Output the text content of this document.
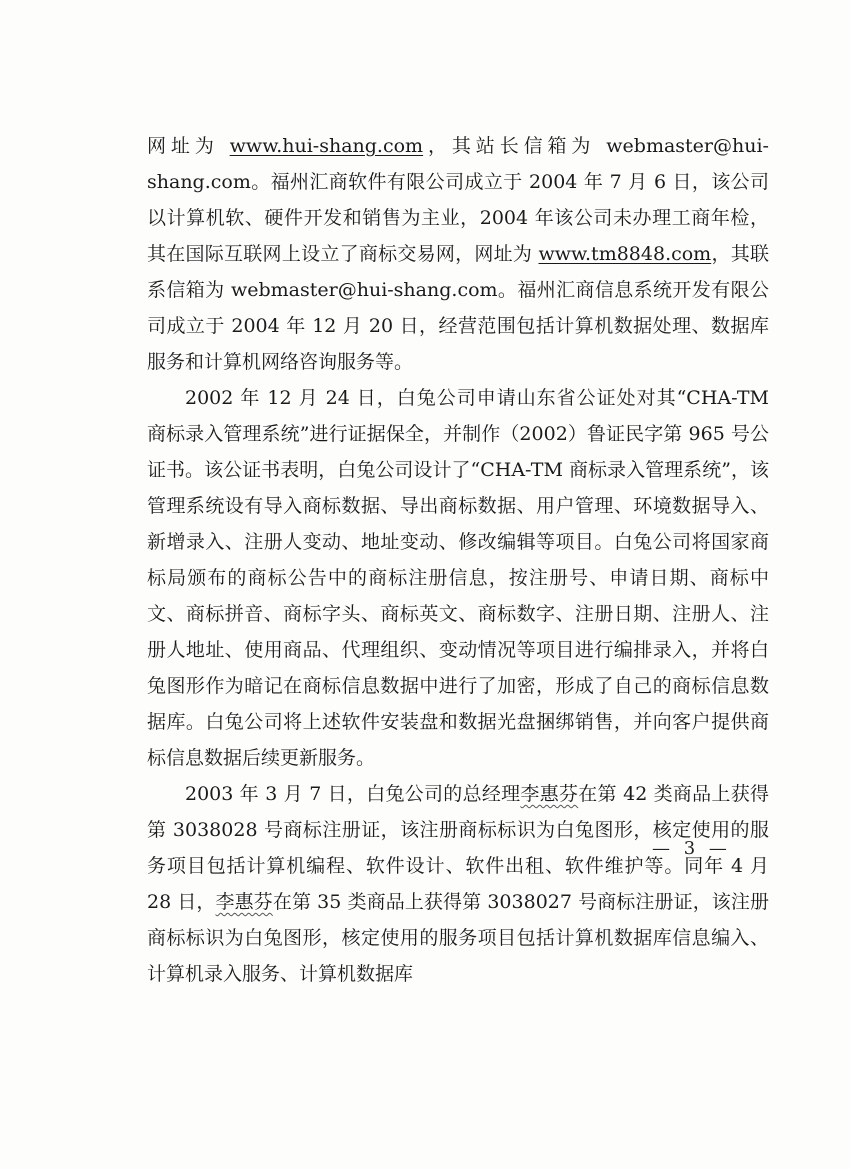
网址为 www.hui-shang.com，其站长信箱为 webmaster@hui-shang.com。福州汇商软件有限公司成立于 2004 年 7 月 6 日，该公司以计算机软、硬件开发和销售为主业，2004 年该公司未办理工商年检，其在国际互联网上设立了商标交易网，网址为 www.tm8848.com，其联系信箱为 webmaster@hui-shang.com。福州汇商信息系统开发有限公司成立于 2004 年 12 月 20 日，经营范围包括计算机数据处理、数据库服务和计算机网络咨询服务等。

2002 年 12 月 24 日，白兔公司申请山东省公证处对其“CHA-TM 商标录入管理系统”进行证据保全，并制作（2002）鲁证民字第 965 号公证书。该公证书表明，白兔公司设计了“CHA-TM 商标录入管理系统”，该管理系统设有导入商标数据、导出商标数据、用户管理、环境数据导入、新增录入、注册人变动、地址变动、修改编辑等项目。白兔公司将国家商标局颁布的商标公告中的商标注册信息，按注册号、申请日期、商标中文、商标拼音、商标字头、商标英文、商标数字、注册日期、注册人、注册人地址、使用商品、代理组织、变动情况等项目进行编排录入，并将白兔图形作为暗记在商标信息数据中进行了加密，形成了自己的商标信息数据库。白兔公司将上述软件安装盘和数据光盘捆绑销售，并向客户提供商标信息数据后续更新服务。

2003 年 3 月 7 日，白兔公司的总经理李惠芬在第 42 类商品上获得第 3038028 号商标注册证，该注册商标标识为白兔图形，核定使用的服务项目包括计算机编程、软件设计、软件出租、软件维护等。同年 4 月 28 日，李惠芬在第 35 类商品上获得第 3038027 号商标注册证，该注册商标标识为白兔图形，核定使用的服务项目包括计算机数据库信息编入、计算机录入服务、计算机数据库

— 3 —
